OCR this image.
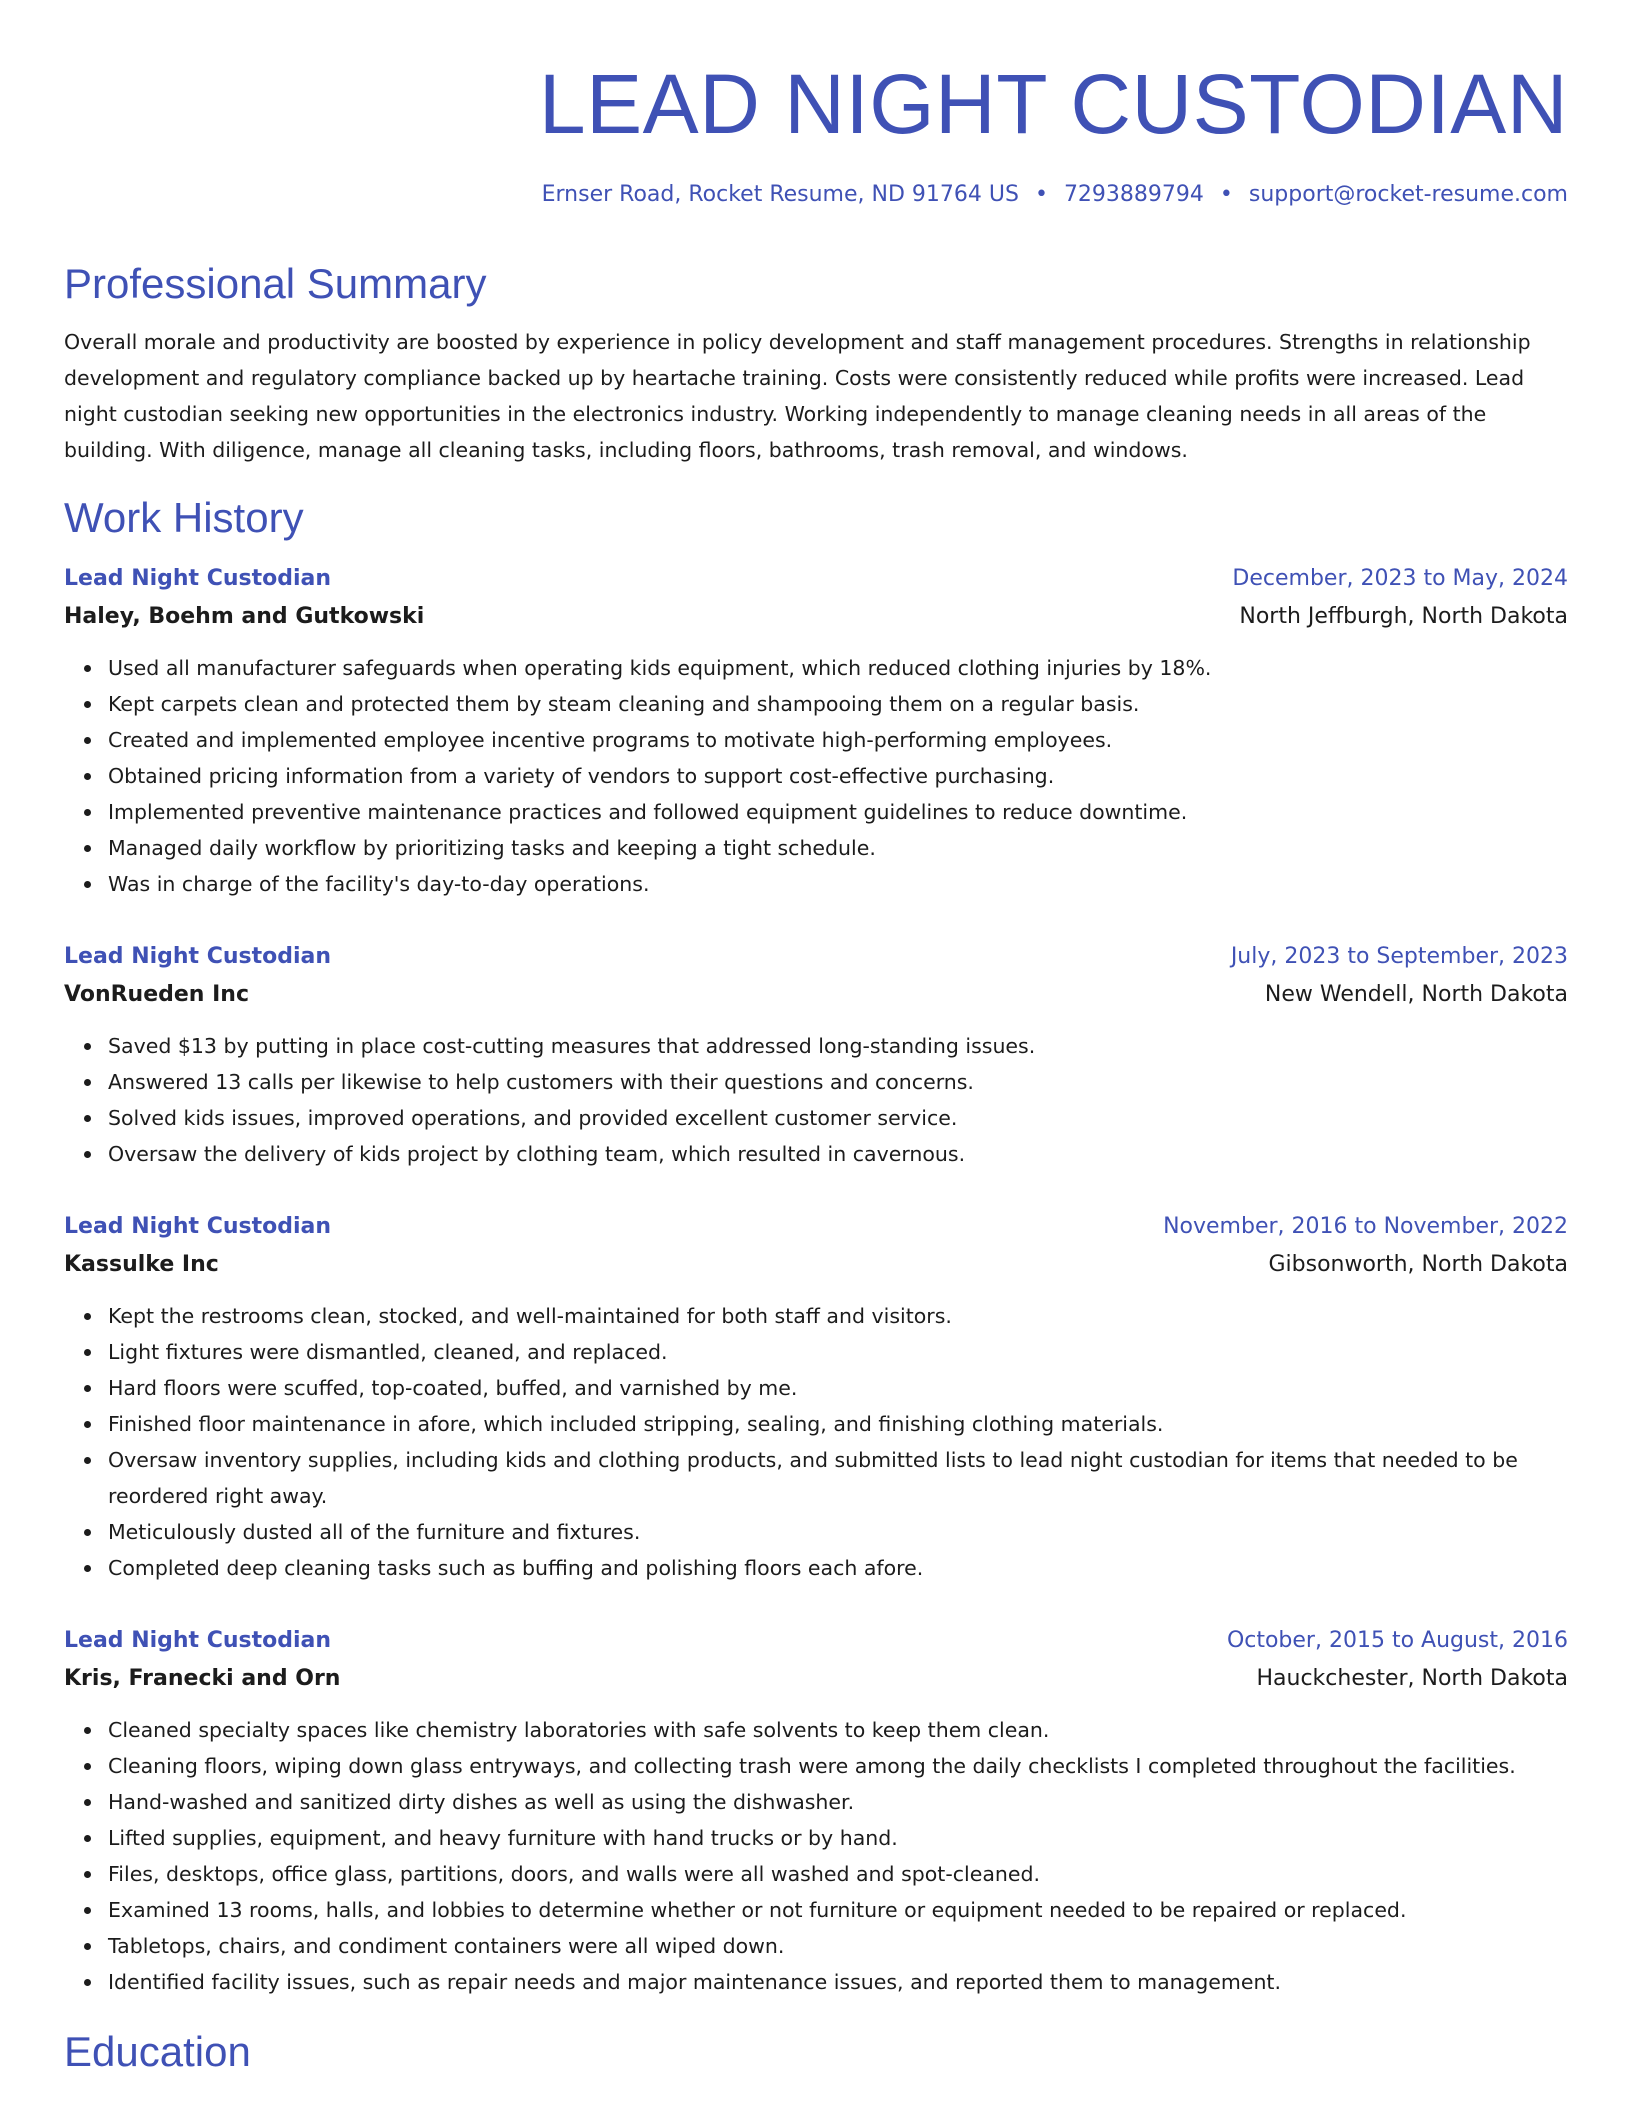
LEAD NIGHT CUSTODIAN
Ernser Road, Rocket Resume, ND 91764 US • 7293889794 • support@rocket-resume.com
Professional Summary

Overall morale and productivity are boosted by experience in policy development and staff management procedures. Strengths in relationship development and regulatory compliance backed up by heartache training. Costs were consistently reduced while profits were increased. Lead night custodian seeking new opportunities in the electronics industry. Working independently to manage cleaning needs in all areas of the building. With diligence, manage all cleaning tasks, including floors, bathrooms, trash removal, and windows.

Work History
Lead Night Custodian	December, 2023 to May, 2024
Haley, Boehm and Gutkowski	North Jeffburgh, North Dakota
Used all manufacturer safeguards when operating kids equipment, which reduced clothing injuries by 18%.
Kept carpets clean and protected them by steam cleaning and shampooing them on a regular basis.
Created and implemented employee incentive programs to motivate high-performing employees.
Obtained pricing information from a variety of vendors to support cost-effective purchasing.
Implemented preventive maintenance practices and followed equipment guidelines to reduce downtime.
Managed daily workflow by prioritizing tasks and keeping a tight schedule.
Was in charge of the facility's day-to-day operations.
Lead Night Custodian	July, 2023 to September, 2023
VonRueden Inc	New Wendell, North Dakota
Saved $13 by putting in place cost-cutting measures that addressed long-standing issues.
Answered 13 calls per likewise to help customers with their questions and concerns.
Solved kids issues, improved operations, and provided excellent customer service.
Oversaw the delivery of kids project by clothing team, which resulted in cavernous.
Lead Night Custodian	November, 2016 to November, 2022
Kassulke Inc	Gibsonworth, North Dakota
Kept the restrooms clean, stocked, and well-maintained for both staff and visitors.
Light fixtures were dismantled, cleaned, and replaced.
Hard floors were scuffed, top-coated, buffed, and varnished by me.
Finished floor maintenance in afore, which included stripping, sealing, and finishing clothing materials.
Oversaw inventory supplies, including kids and clothing products, and submitted lists to lead night custodian for items that needed to be reordered right away.
Meticulously dusted all of the furniture and fixtures.
Completed deep cleaning tasks such as buffing and polishing floors each afore.
Lead Night Custodian	October, 2015 to August, 2016
Kris, Franecki and Orn	Hauckchester, North Dakota
Cleaned specialty spaces like chemistry laboratories with safe solvents to keep them clean.
Cleaning floors, wiping down glass entryways, and collecting trash were among the daily checklists I completed throughout the facilities.
Hand-washed and sanitized dirty dishes as well as using the dishwasher.
Lifted supplies, equipment, and heavy furniture with hand trucks or by hand.
Files, desktops, office glass, partitions, doors, and walls were all washed and spot-cleaned.
Examined 13 rooms, halls, and lobbies to determine whether or not furniture or equipment needed to be repaired or replaced.
Tabletops, chairs, and condiment containers were all wiped down.
Identified facility issues, such as repair needs and major maintenance issues, and reported them to management.
Education
